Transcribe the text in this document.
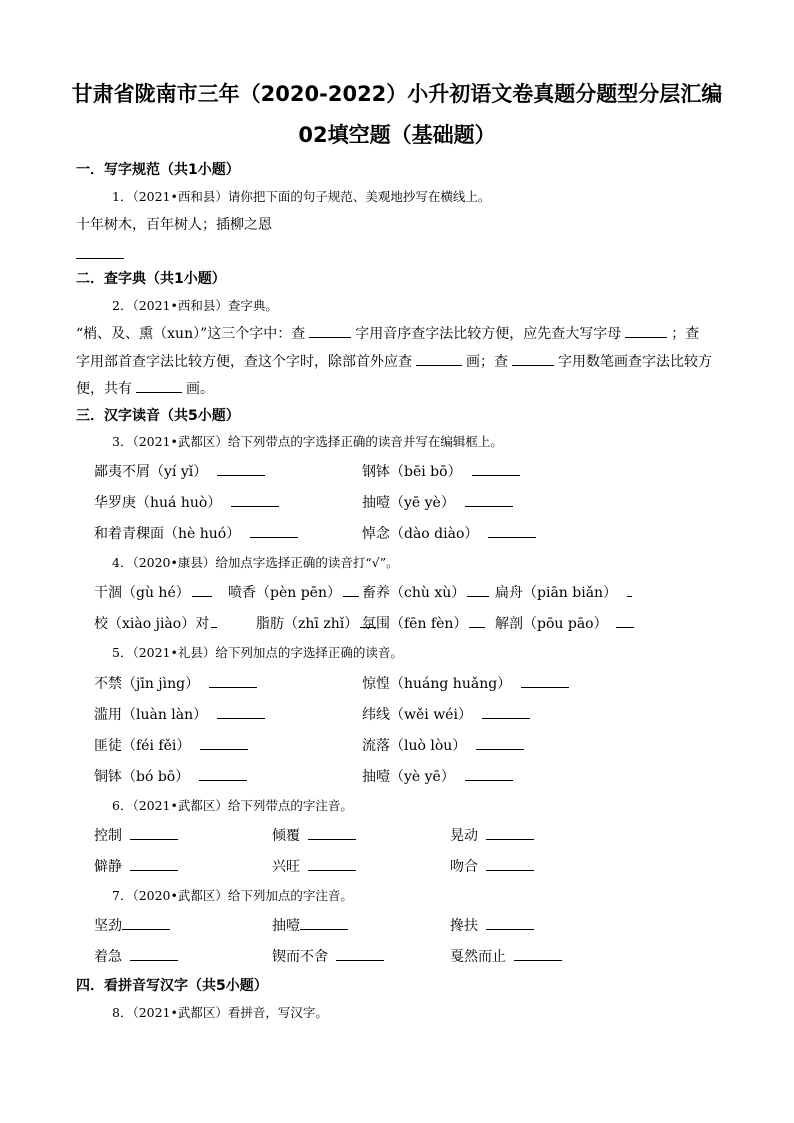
甘肃省陇南市三年（2020-2022）小升初语文卷真题分题型分层汇编
02填空题（基础题）
一．写字规范（共1小题）
1．（2021•西和县）请你把下面的句子规范、美观地抄写在横线上。
十年树木，百年树人；插柳之恩
二．查字典（共1小题）
2．（2021•西和县）查字典。
“梢、及、熏（xun）”这三个字中：查	字用音序查字法比较方便，应先查大写字母	；查
字用部首查字法比较方便，查这个字时，除部首外应查	画；查	字用数笔画查字法比较方
便，共有	画。
三．汉字读音（共5小题）
3．（2021•武都区）给下列带点的字选择正确的读音并写在编辑框上。
鄙夷不屑（yí yǐ）	钢钵（bēi bō）
华罗庚（huá huò）	抽噎（yē yè）
和着青稞面（hè huó）	悼念（dào diào）
4．（2020•康县）给加点字选择正确的读音打“√”。
干涸（gù hé）	喷香（pèn pēn）	畜养（chù xù）	扁舟（piān biǎn）
校（xiào jiào）对	脂肪（zhī zhǐ） 氛围（fēn fèn）	解剖（pōu pāo）
5．（2021•礼县）给下列加点的字选择正确的读音。
不禁（jīn jìng）	惊惶（huáng huǎng）
滥用（luàn làn）	纬线（wěi wéi）
匪徒（féi fěi）	流落（luò lòu）
铜钵（bó bō）	抽噎（yè yē）
6．（2021•武都区）给下列带点的字注音。
控制	倾覆	晃动
僻静	兴旺	吻合
7．（2020•武都区）给下列加点的字注音。
坚劲	抽噎	搀扶
着急	锲而不舍	戛然而止
四．看拼音写汉字（共5小题）
8．（2021•武都区）看拼音，写汉字。
